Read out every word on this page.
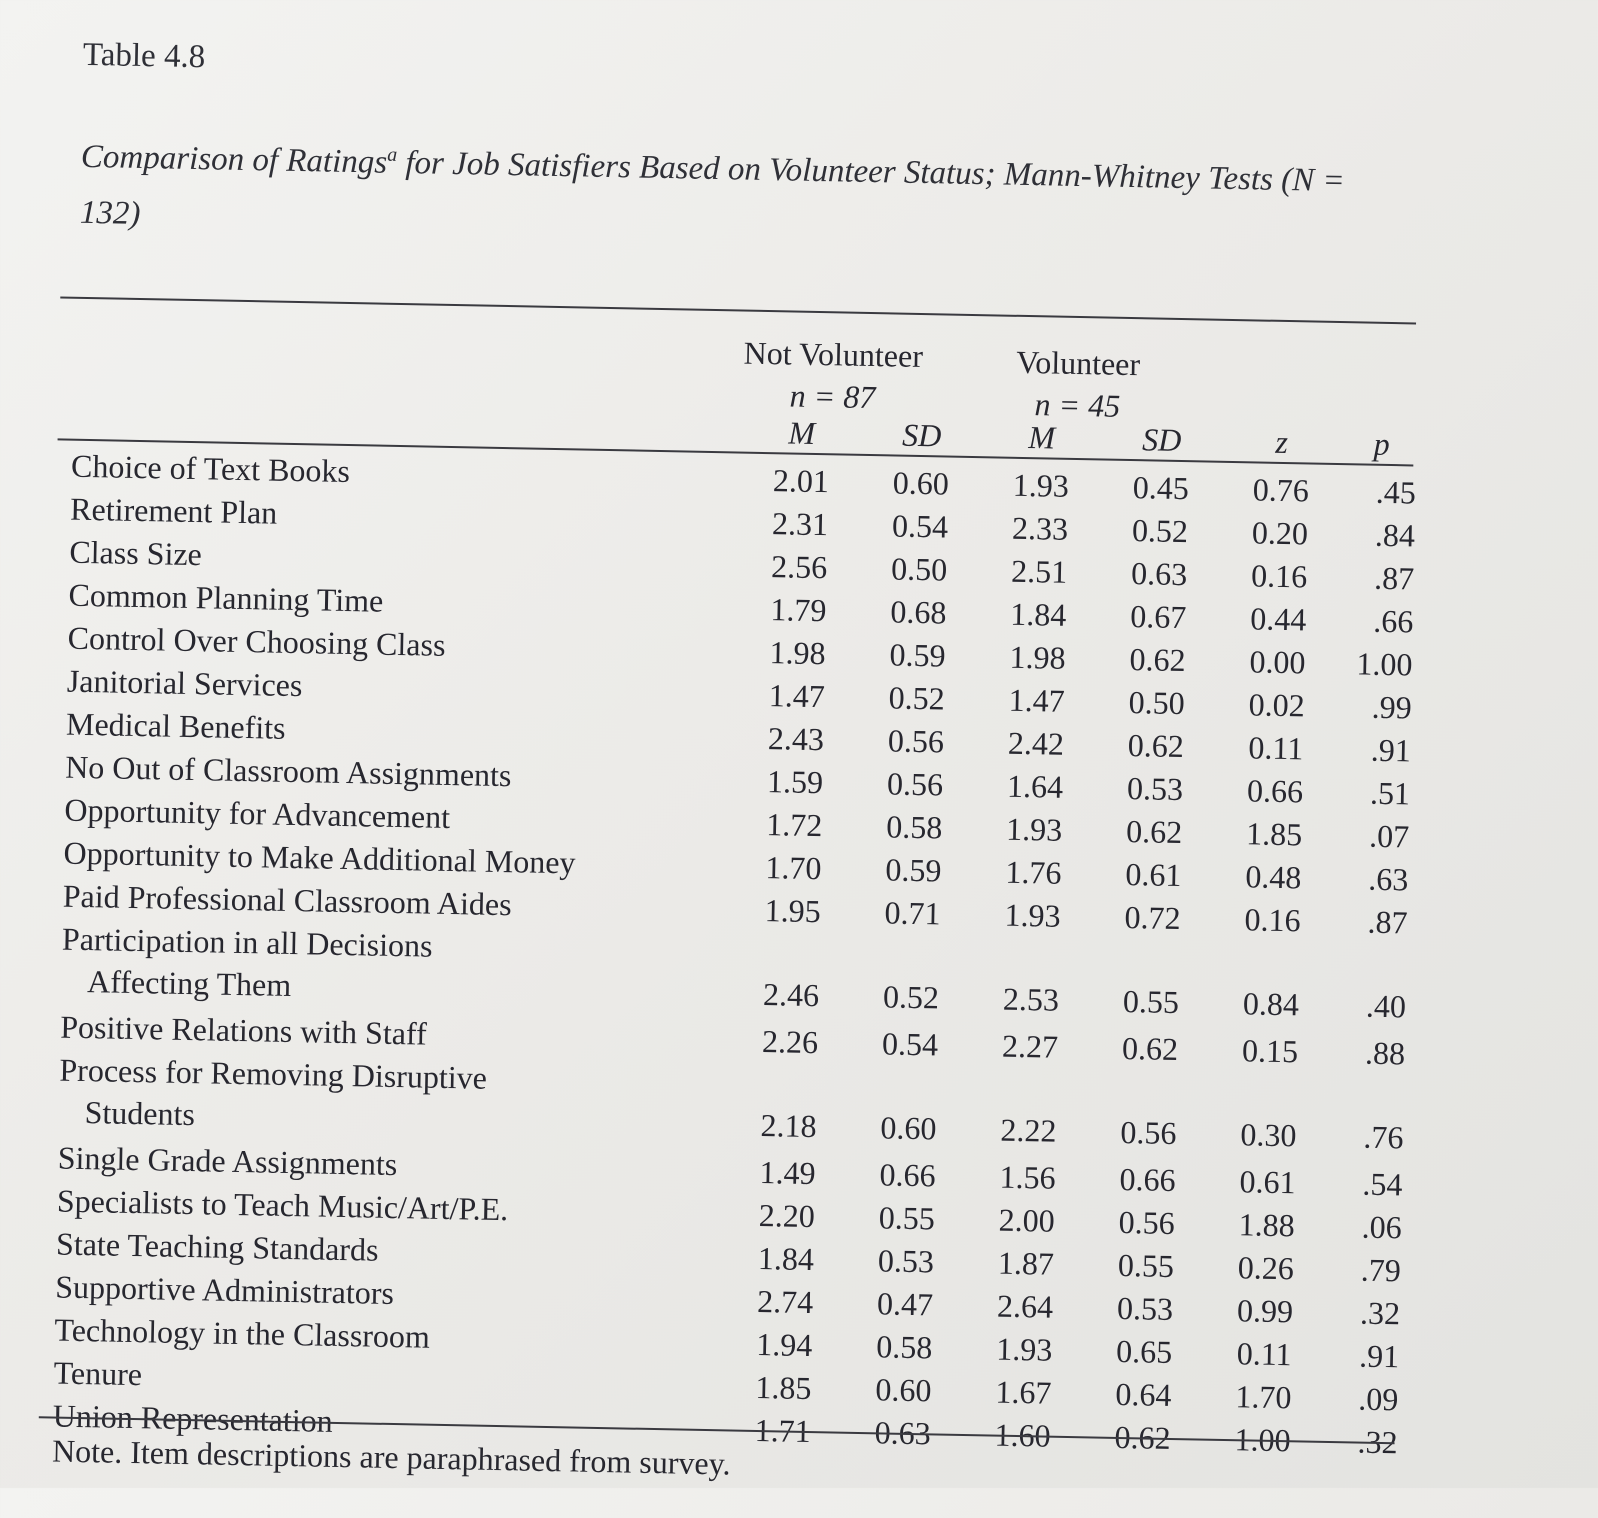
Table 4.8
Comparison of Ratings$^a$ for Job Satisfiers Based on Volunteer Status; Mann-Whitney Tests (N = 132)
Not Volunteer
n = 87
Volunteer
n = 45
M	SD	M	SD	z	p
Choice of Text Books	2.01	0.60	1.93	0.45	0.76	.45
Retirement Plan	2.31	0.54	2.33	0.52	0.20	.84
Class Size	2.56	0.50	2.51	0.63	0.16	.87
Common Planning Time	1.79	0.68	1.84	0.67	0.44	.66
Control Over Choosing Class	1.98	0.59	1.98	0.62	0.00	1.00
Janitorial Services	1.47	0.52	1.47	0.50	0.02	.99
Medical Benefits	2.43	0.56	2.42	0.62	0.11	.91
No Out of Classroom Assignments	1.59	0.56	1.64	0.53	0.66	.51
Opportunity for Advancement	1.72	0.58	1.93	0.62	1.85	.07
Opportunity to Make Additional Money	1.70	0.59	1.76	0.61	0.48	.63
Paid Professional Classroom Aides	1.95	0.71	1.93	0.72	0.16	.87
Participation in all Decisions
Affecting Them	2.46	0.52	2.53	0.55	0.84	.40
Positive Relations with Staff	2.26	0.54	2.27	0.62	0.15	.88
Process for Removing Disruptive
Students	2.18	0.60	2.22	0.56	0.30	.76
Single Grade Assignments	1.49	0.66	1.56	0.66	0.61	.54
Specialists to Teach Music/Art/P.E.	2.20	0.55	2.00	0.56	1.88	.06
State Teaching Standards	1.84	0.53	1.87	0.55	0.26	.79
Supportive Administrators	2.74	0.47	2.64	0.53	0.99	.32
Technology in the Classroom	1.94	0.58	1.93	0.65	0.11	.91
Tenure	1.85	0.60	1.67	0.64	1.70	.09
Union Representation	1.71	0.63	1.60	0.62	1.00	.32
Note. Item descriptions are paraphrased from survey.
